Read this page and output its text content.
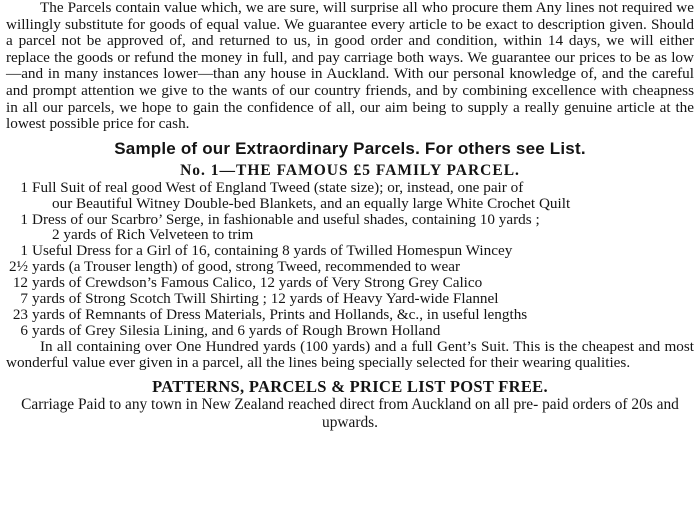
The Parcels contain value which, we are sure, will surprise all who procure them Any lines not required we willingly substitute for goods of equal value. We guarantee every article to be exact to description given. Should a parcel not be approved of, and returned to us, in good order and condition, within 14 days, we will either replace the goods or refund the money in full, and pay carriage both ways. We guarantee our prices to be as low—and in many instances lower—than any house in Auckland. With our personal knowledge of, and the careful and prompt attention we give to the wants of our country friends, and by combining excellence with cheapness in all our parcels, we hope to gain the confidence of all, our aim being to supply a really genuine article at the lowest possible price for cash.

Sample of our Extraordinary Parcels. For others see List.
No. 1—THE FAMOUS £5 FAMILY PARCEL.
1 Full Suit of real good West of England Tweed (state size); or, instead, one pair of
our Beautiful Witney Double-bed Blankets, and an equally large White Crochet Quilt
1 Dress of our Scarbro’ Serge, in fashionable and useful shades, containing 10 yards ;
2 yards of Rich Velveteen to trim
1 Useful Dress for a Girl of 16, containing 8 yards of Twilled Homespun Wincey
2½ yards (a Trouser length) of good, strong Tweed, recommended to wear
12 yards of Crewdson’s Famous Calico, 12 yards of Very Strong Grey Calico
7 yards of Strong Scotch Twill Shirting ; 12 yards of Heavy Yard-wide Flannel
23 yards of Remnants of Dress Materials, Prints and Hollands, &c., in useful lengths
6 yards of Grey Silesia Lining, and 6 yards of Rough Brown Holland

In all containing over One Hundred yards (100 yards) and a full Gent’s Suit. This is the cheapest and most wonderful value ever given in a parcel, all the lines being specially selected for their wearing qualities.

PATTERNS, PARCELS & PRICE LIST POST FREE.

Carriage Paid to any town in New Zealand reached direct from Auckland on all pre- paid orders of 20s and upwards.
